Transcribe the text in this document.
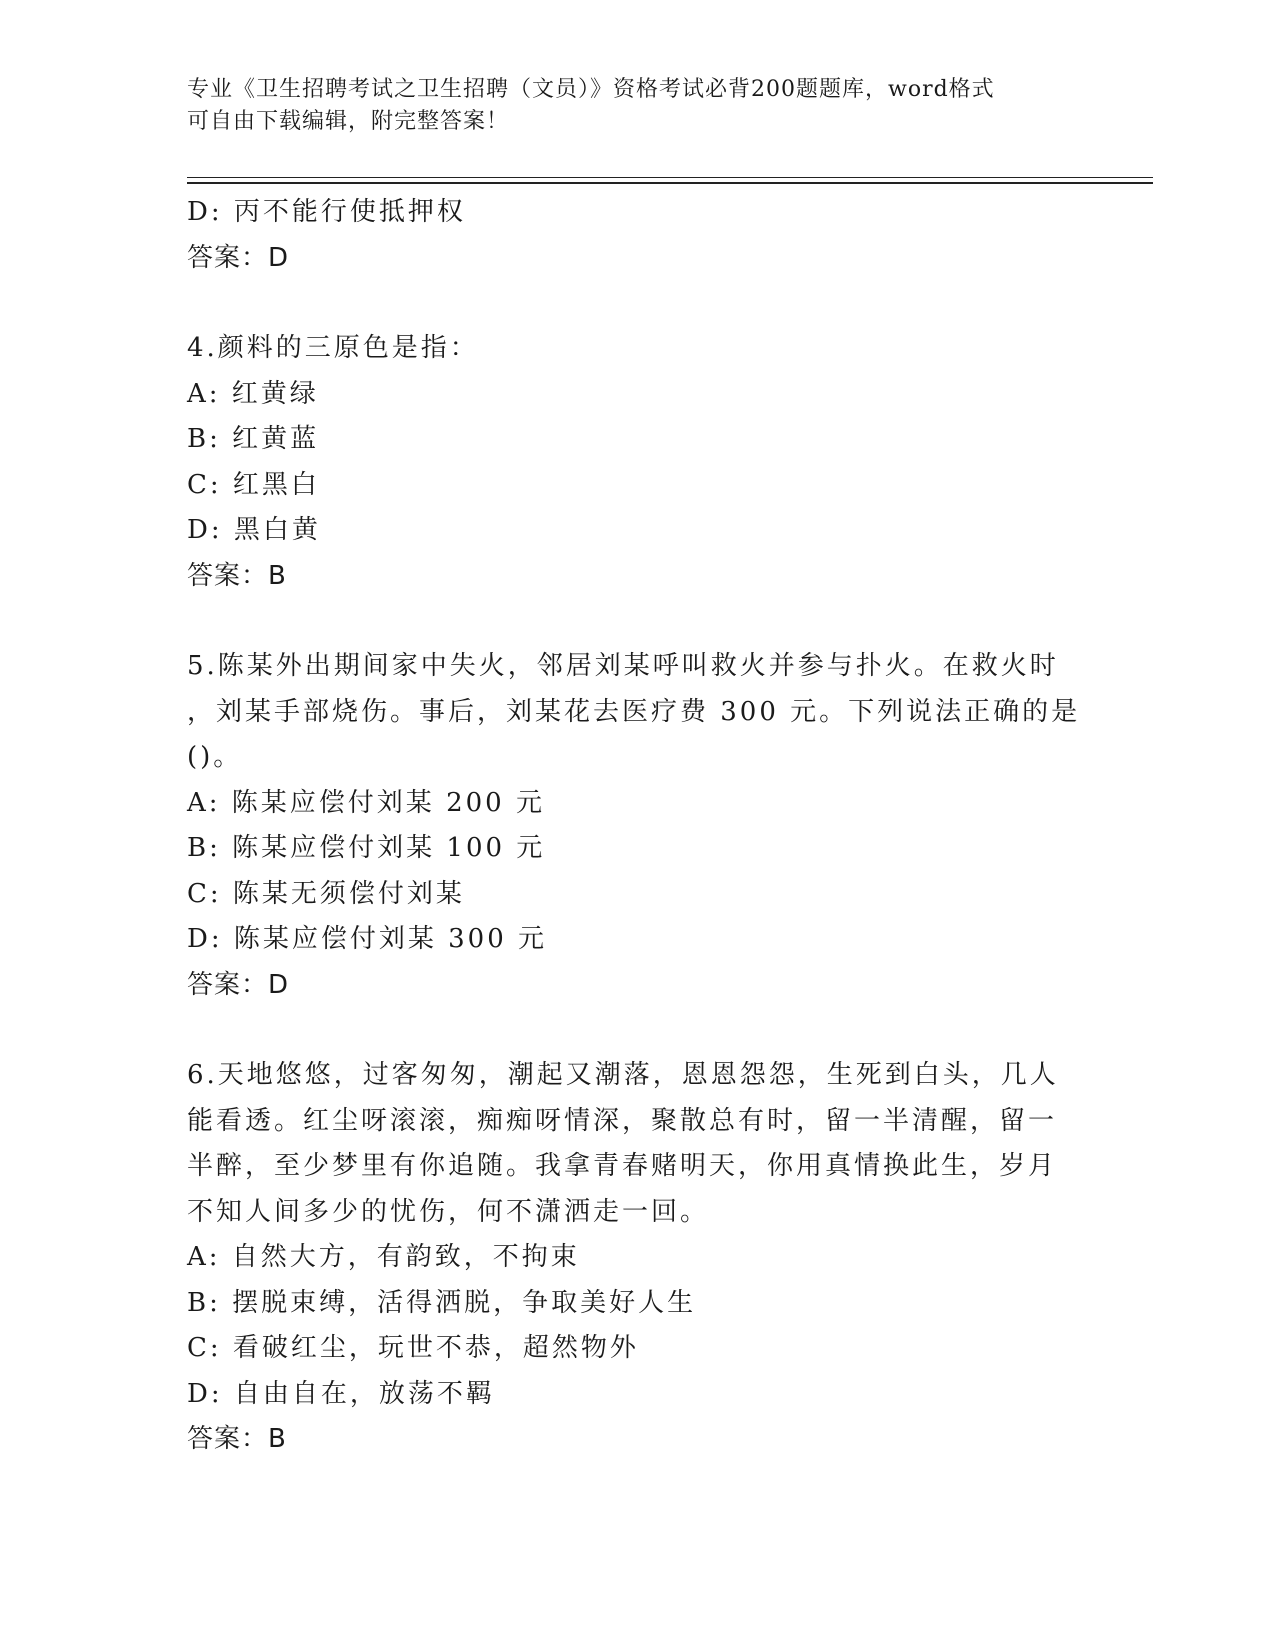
专业《卫生招聘考试之卫生招聘（文员）》资格考试必背200题题库，word格式
可自由下载编辑，附完整答案！
D: 丙不能行使抵押权
答案：D
4.颜料的三原色是指：
A: 红黄绿
B: 红黄蓝
C: 红黑白
D: 黑白黄
答案：B
5.陈某外出期间家中失火，邻居刘某呼叫救火并参与扑火。在救火时
，刘某手部烧伤。事后，刘某花去医疗费 300 元。下列说法正确的是
()。
A: 陈某应偿付刘某 200 元
B: 陈某应偿付刘某 100 元
C: 陈某无须偿付刘某
D: 陈某应偿付刘某 300 元
答案：D
6.天地悠悠，过客匆匆，潮起又潮落，恩恩怨怨，生死到白头，几人
能看透。红尘呀滚滚，痴痴呀情深，聚散总有时，留一半清醒，留一
半醉，至少梦里有你追随。我拿青春赌明天，你用真情换此生，岁月
不知人间多少的忧伤，何不潇洒走一回。
A: 自然大方，有韵致，不拘束
B: 摆脱束缚，活得洒脱，争取美好人生
C: 看破红尘，玩世不恭，超然物外
D: 自由自在，放荡不羁
答案：B
